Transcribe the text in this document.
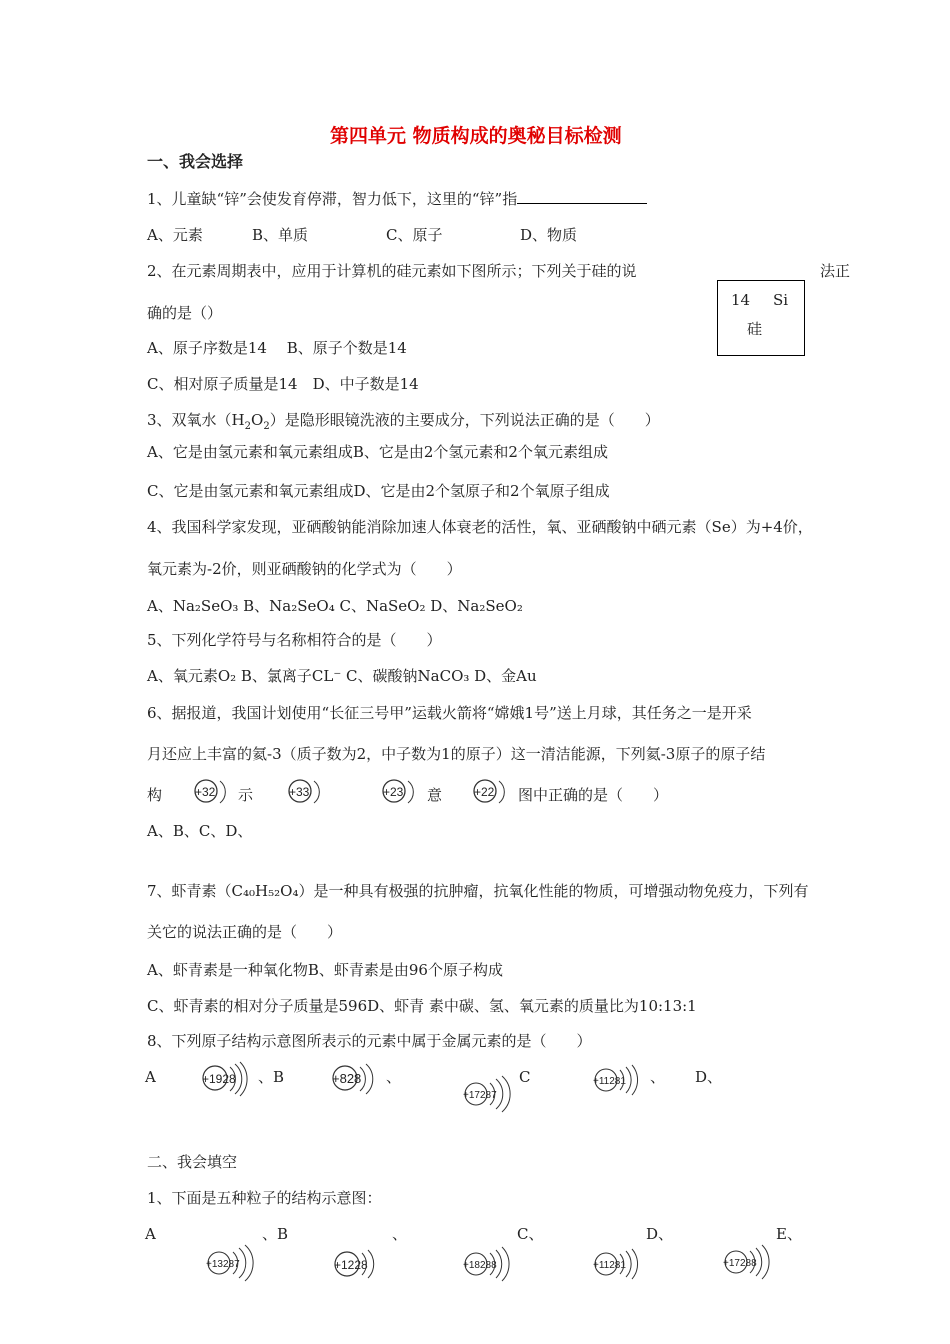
第四单元 物质构成的奥秘目标检测
一、我会选择
1、儿童缺“锌”会使发育停滞，智力低下，这里的“锌”指
A、元素	B、单质	C、原子	D、物质
2、在元素周期表中，应用于计算机的硅元素如下图所示；下列关于硅的说	法正
确的是（）
A、原子序数是14　 B、原子个数是14
C、相对原子质量是14　D、中子数是14
14 Si
硅
3、双氧水$(H_2O_2)$是隐形眼镜洗液的主要成分，下列说法正确的是（　　）
A、它是由氢元素和氧元素组成B、它是由2个氢元素和2个氧元素组成
C、它是由氢元素和氧元素组成D、它是由2个氢原子和2个氧原子组成
4、我国科学家发现，亚硒酸钠能消除加速人体衰老的活性，氧、亚硒酸钠中硒元素（Se）为+4价，
氧元素为-2价，则亚硒酸钠的化学式为（　　）
A、Na₂SeO₃ B、Na₂SeO₄ C、NaSeO₂ D、Na₂SeO₂
5、下列化学符号与名称相符合的是（　　）
A、氧元素O₂ B、氯离子CL⁻ C、碳酸钠NaCO₃ D、金Au
6、据报道，我国计划使用“长征三号甲”运载火箭将“嫦娥1号”送上月球，其任务之一是开采
月还应上丰富的氦-3（质子数为2，中子数为1的原子）这一清洁能源，下列氦-3原子的原子结
构	示	意	图中正确的是（　　）
+32	+33	+23	+22
A、B、C、D、
7、虾青素（C₄₀H₅₂O₄）是一种具有极强的抗肿瘤，抗氧化性能的物质，可增强动物免疫力，下列有
关它的说法正确的是（　　）
A、虾青素是一种氧化物B、虾青素是由96个原子构成
C、虾青素的相对分子质量是596D、虾青 素中碳、氢、氧元素的质量比为10:13:1
8、下列原子结构示意图所表示的元素中属于金属元素的是（　　）
A	、B	、	C	、 D、
+1928	+828
+17287
+11281
二、我会填空
1、下面是五种粒子的结构示意图：
A	、B	、	C、	D、	E、
+13287	+1228	+18288	+11281	+17288
